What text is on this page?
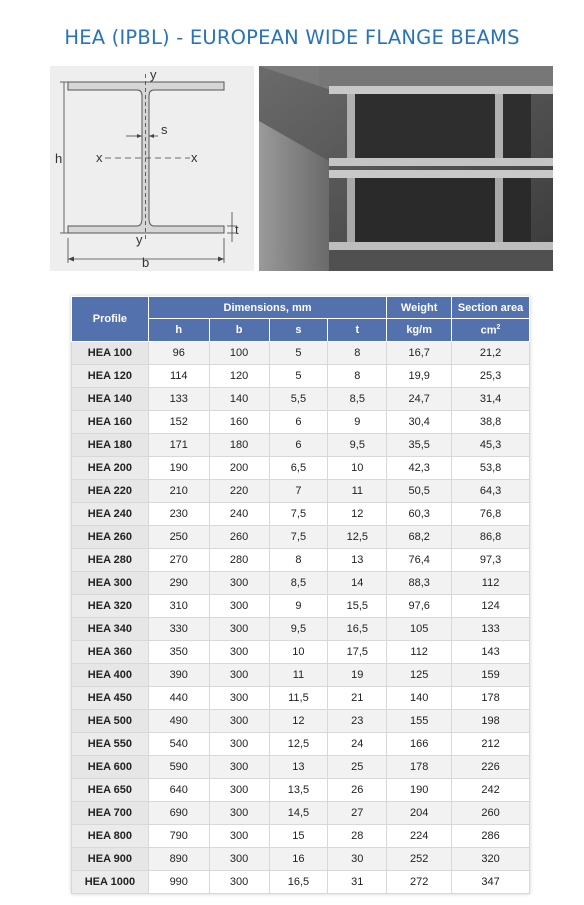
HEA (IPBL) - EUROPEAN WIDE FLANGE BEAMS
y
y
x	x
h
b
s
t
Profile	Dimensions, mm				Weight	Section area
	h	b	s	t	kg/m	$cm^2$
HEA 100	96	100	5	8	16,7	21,2
HEA 120	114	120	5	8	19,9	25,3
HEA 140	133	140	5,5	8,5	24,7	31,4
HEA 160	152	160	6	9	30,4	38,8
HEA 180	171	180	6	9,5	35,5	45,3
HEA 200	190	200	6,5	10	42,3	53,8
HEA 220	210	220	7	11	50,5	64,3
HEA 240	230	240	7,5	12	60,3	76,8
HEA 260	250	260	7,5	12,5	68,2	86,8
HEA 280	270	280	8	13	76,4	97,3
HEA 300	290	300	8,5	14	88,3	112
HEA 320	310	300	9	15,5	97,6	124
HEA 340	330	300	9,5	16,5	105	133
HEA 360	350	300	10	17,5	112	143
HEA 400	390	300	11	19	125	159
HEA 450	440	300	11,5	21	140	178
HEA 500	490	300	12	23	155	198
HEA 550	540	300	12,5	24	166	212
HEA 600	590	300	13	25	178	226
HEA 650	640	300	13,5	26	190	242
HEA 700	690	300	14,5	27	204	260
HEA 800	790	300	15	28	224	286
HEA 900	890	300	16	30	252	320
HEA 1000	990	300	16,5	31	272	347
